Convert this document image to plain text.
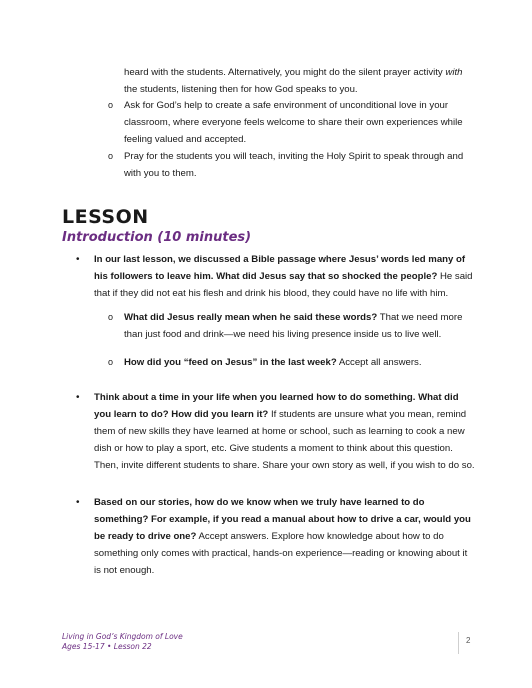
heard with the students. Alternatively, you might do the silent prayer activity with the students, listening then for how God speaks to you.

o	Ask for God’s help to create a safe environment of unconditional love in your classroom, where everyone feels welcome to share their own experiences while feeling valued and accepted.

o	Pray for the students you will teach, inviting the Holy Spirit to speak through and with you to them.

LESSON
Introduction (10 minutes)
• In our last lesson, we discussed a Bible passage where Jesus’ words led many of his followers to leave him. What did Jesus say that so shocked the people? He said that if they did not eat his flesh and drink his blood, they could have no life with him.

o	What did Jesus really mean when he said these words? That we need more than just food and drink—we need his living presence inside us to live well.

o	How did you “feed on Jesus” in the last week? Accept all answers.

• Think about a time in your life when you learned how to do something. What did you learn to do? How did you learn it? If students are unsure what you mean, remind them of new skills they have learned at home or school, such as learning to cook a new dish or how to play a sport, etc. Give students a moment to think about this question. Then, invite different students to share. Share your own story as well, if you wish to do so.

• Based on our stories, how do we know when we truly have learned to do something? For example, if you read a manual about how to drive a car, would you be ready to drive one? Accept answers. Explore how knowledge about how to do something only comes with practical, hands-on experience—reading or knowing about it is not enough.

Living in God’s Kingdom of Love

Ages 15-17 • Lesson 22

2
